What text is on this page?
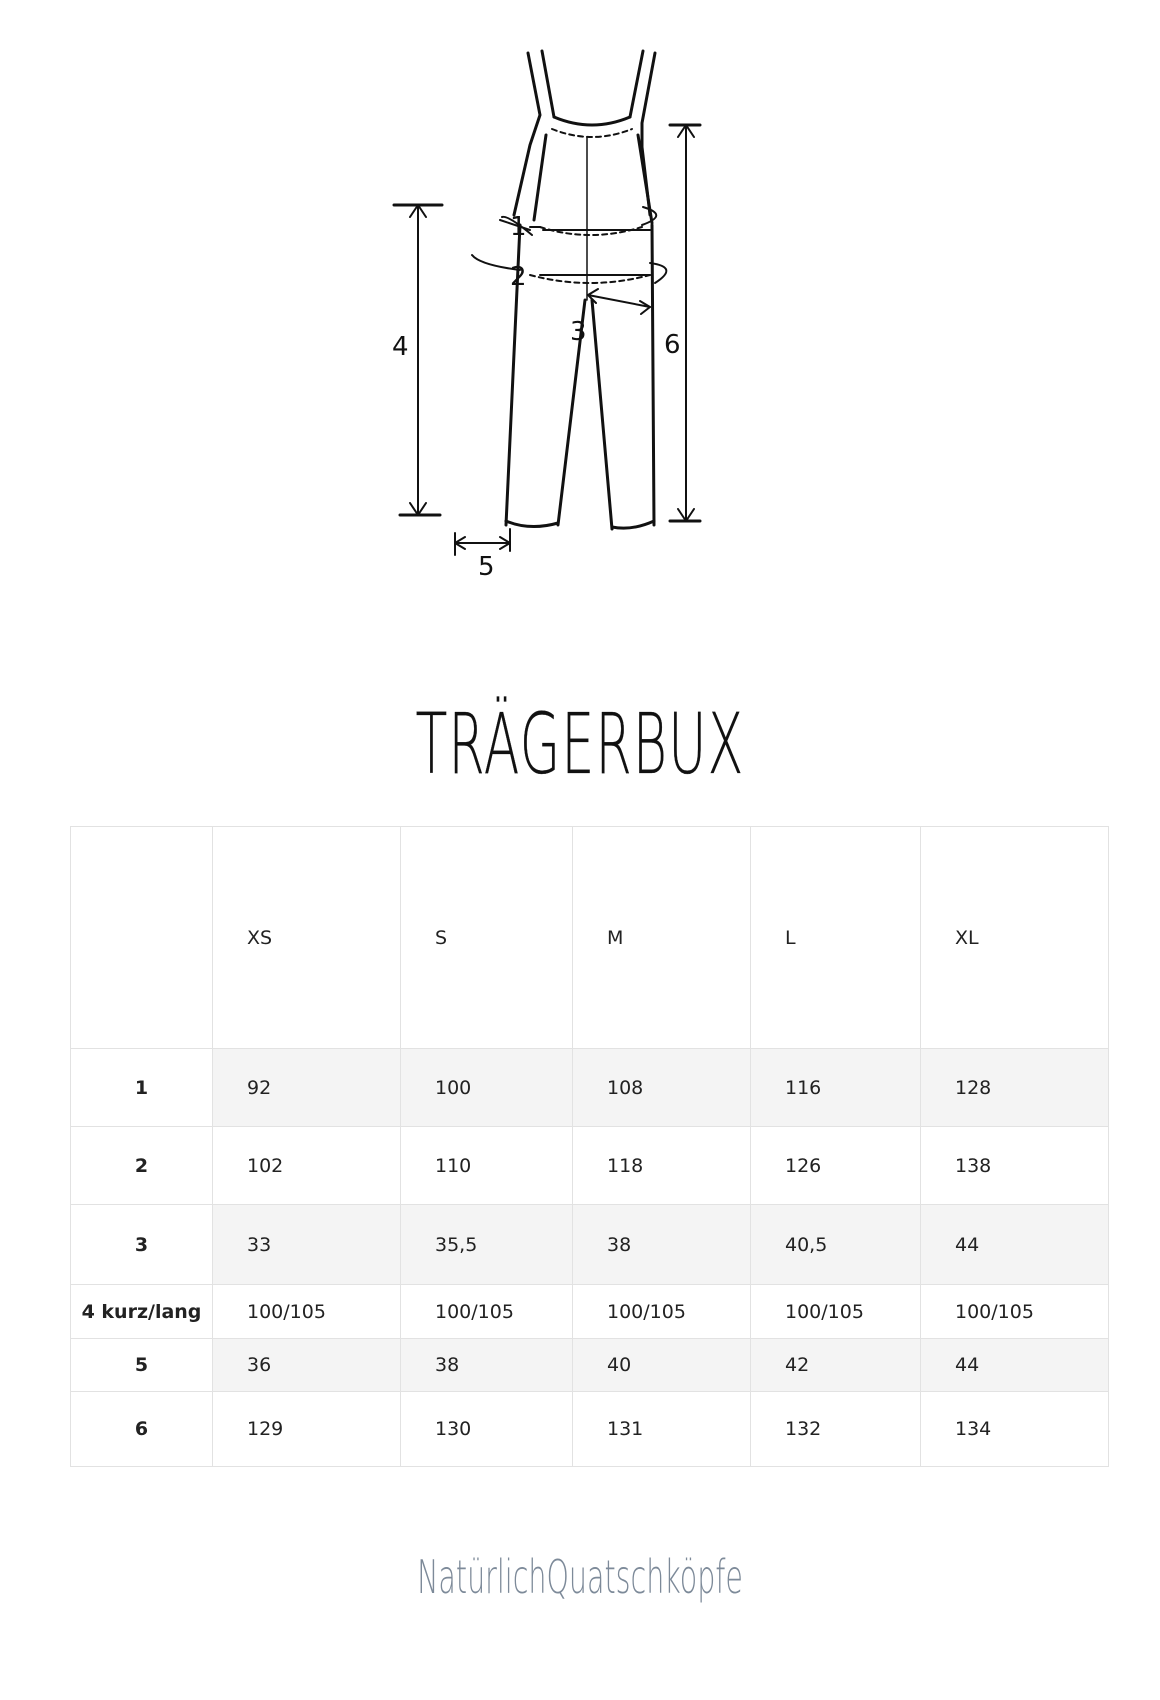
1
2
3
4
5
6
TRÄGERBUX
	XS	S	M	L	XL
1	92	100	108	116	128
2	102	110	118	126	138
3	33	35,5	38	40,5	44
4 kurz/lang	100/105	100/105	100/105	100/105	100/105
5	36	38	40	42	44
6	129	130	131	132	134
NatürlichQuatschköpfe
